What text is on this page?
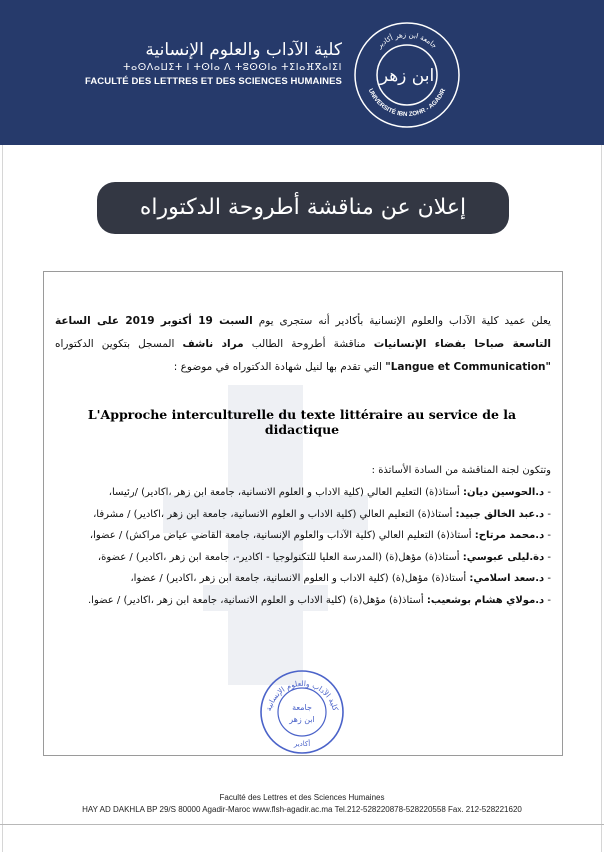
كلية الآداب والعلوم الإنسانية
ⵜⴰⵙⴷⴰⵡⵉⵜ ⵏ ⵜⵙⵏⴰ ⴷ ⵜⵓⵙⵙⵏⴰ ⵜⵉⵏⴰⴼⴳⴰⵏⵉⵏ
FACULTÉ DES LETTRES ET DES SCIENCES HUMAINES
جامعة ابن زهر أكادير
UNIVERSITÉ IBN ZOHR - AGADIR
ابن زهر
إعلان عن مناقشة أطروحة الدكتوراه
يعلن عميد كلية الآداب والعلوم الإنسانية بأكادير أنه ستجرى يوم السبت 19 أكتوبر 2019 على الساعة التاسعة صباحا بفضاء الإنسانيات مناقشة أطروحة الطالب مراد ناشف المسجل بتكوين الدكتوراه "Langue et Communication" التي تقدم بها لنيل شهادة الدكتوراه في موضوع :
L'Approche interculturelle du texte littéraire au service de la didactique
وتتكون لجنة المناقشة من السادة الأساتذة :
- د.الحوسين ديان: أستاذ(ة) التعليم العالي (كلية الاداب و العلوم الانسانية، جامعة ابن زهر ،اكادير) /رئيسا،
- د.عبد الخالق جبيد: أستاذ(ة) التعليم العالي (كلية الاداب و العلوم الانسانية، جامعة ابن زهر ،اكادير) / مشرفا،
- د.محمد مرتاح: أستاذ(ة) التعليم العالي (كلية الآداب والعلوم الإنسانية، جامعة القاضي عياض مراكش) / عضوا،
- دة.ليلى عبوسي: أستاذ(ة) مؤهل(ة) (المدرسة العليا للتكنولوجيا - اكادير-، جامعة ابن زهر ،اكادير) / عضوة،
- د.سعد اسلامي: أستاذ(ة) مؤهل(ة) (كلية الاداب و العلوم الانسانية، جامعة ابن زهر ،اكادير) / عضوا،
- د.مولاي هشام بوشعيب: أستاذ(ة) مؤهل(ة) (كلية الاداب و العلوم الانسانية، جامعة ابن زهر ،اكادير) / عضوا.
كلية الآداب والعلوم الإنسانية
جامعة
ابن زهر
أكادير
Faculté des Lettres et des Sciences Humaines
HAY AD DAKHLA BP 29/S 80000 Agadir-Maroc www.flsh-agadir.ac.ma Tel.212-528220878-528220558 Fax. 212-528221620
